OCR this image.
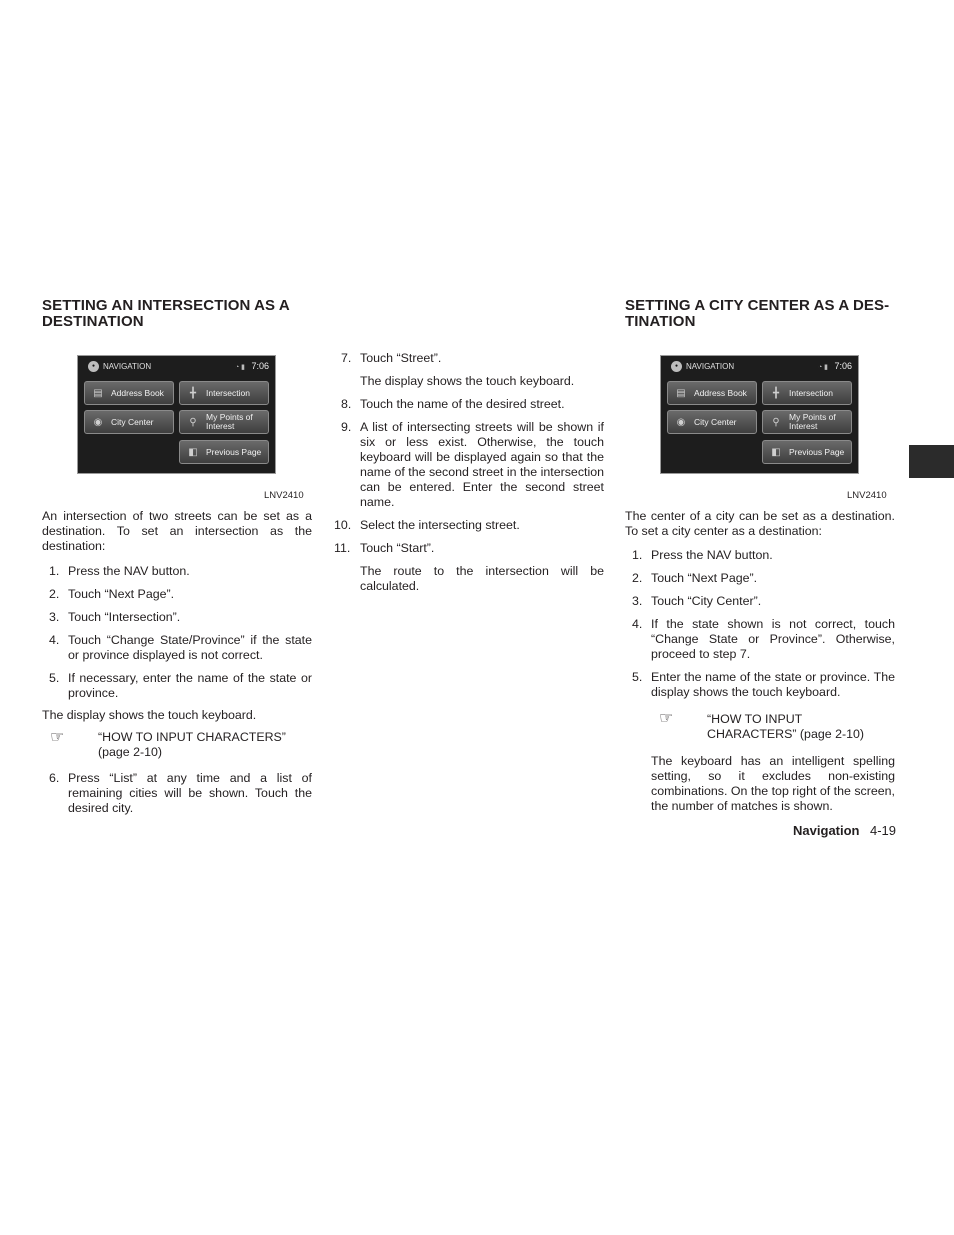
SETTING AN INTERSECTION AS A
DESTINATION
● NAVIGATION	◔ ▮ 7:06
▤ Address Book	╋	Intersection
◉	City Center	⚲	My Points of
Interest
◧ Previous Page
LNV2410
An intersection of two streets can be set as a destination. To set an intersection as the destination:
1. Press the NAV button.
2. Touch “Next Page”.
3. Touch “Intersection”.
4. Touch “Change State/Province” if the state or province displayed is not correct.
5. If necessary, enter the name of the state or province.
The display shows the touch keyboard.
☞	“HOW TO INPUT CHARACTERS” (page 2-10)
6. Press “List” at any time and a list of remaining cities will be shown. Touch the desired city.
7. Touch “Street”.
The display shows the touch keyboard.
8. Touch the name of the desired street.
9. A list of intersecting streets will be shown if six or less exist. Otherwise, the touch keyboard will be displayed again so that the name of the second street in the intersection can be entered. Enter the second street name.
10. Select the intersecting street.
11. Touch “Start”.
The route to the intersection will be calculated.
SETTING A CITY CENTER AS A DES-
TINATION
● NAVIGATION	◔ ▮ 7:06
▤ Address Book	╋	Intersection
◉	City Center	⚲	My Points of
Interest
◧ Previous Page
LNV2410
The center of a city can be set as a destination. To set a city center as a destination:
1. Press the NAV button.
2. Touch “Next Page”.
3. Touch “City Center”.
4. If the state shown is not correct, touch “Change State or Province”. Otherwise, proceed to step 7.
5. Enter the name of the state or province. The display shows the touch keyboard.
☞	“HOW TO INPUT CHARACTERS” (page 2-10)
The keyboard has an intelligent spelling setting, so it excludes non-existing combinations. On the top right of the screen, the number of matches is shown.
Navigation 4-19
